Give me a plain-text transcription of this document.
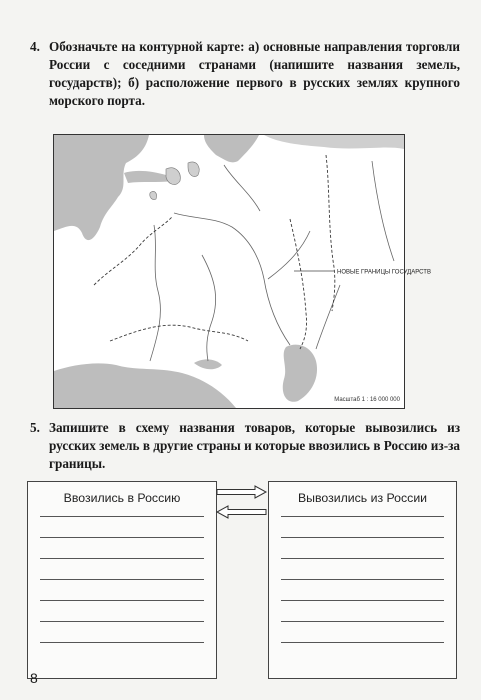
4. Обозначьте на контурной карте: а) основные направления торговли России с соседними странами (напишите названия земель, государств); б) расположение первого в русских землях крупного морского порта.
НОВЫЕ ГРАНИЦЫ ГОСУДАРСТВ
Масштаб 1 : 16 000 000
5. Запишите в схему названия товаров, которые вывозились из русских земель в другие страны и которые ввозились в Россию из-за границы.
Ввозились в Россию	Вывозились из России
8
